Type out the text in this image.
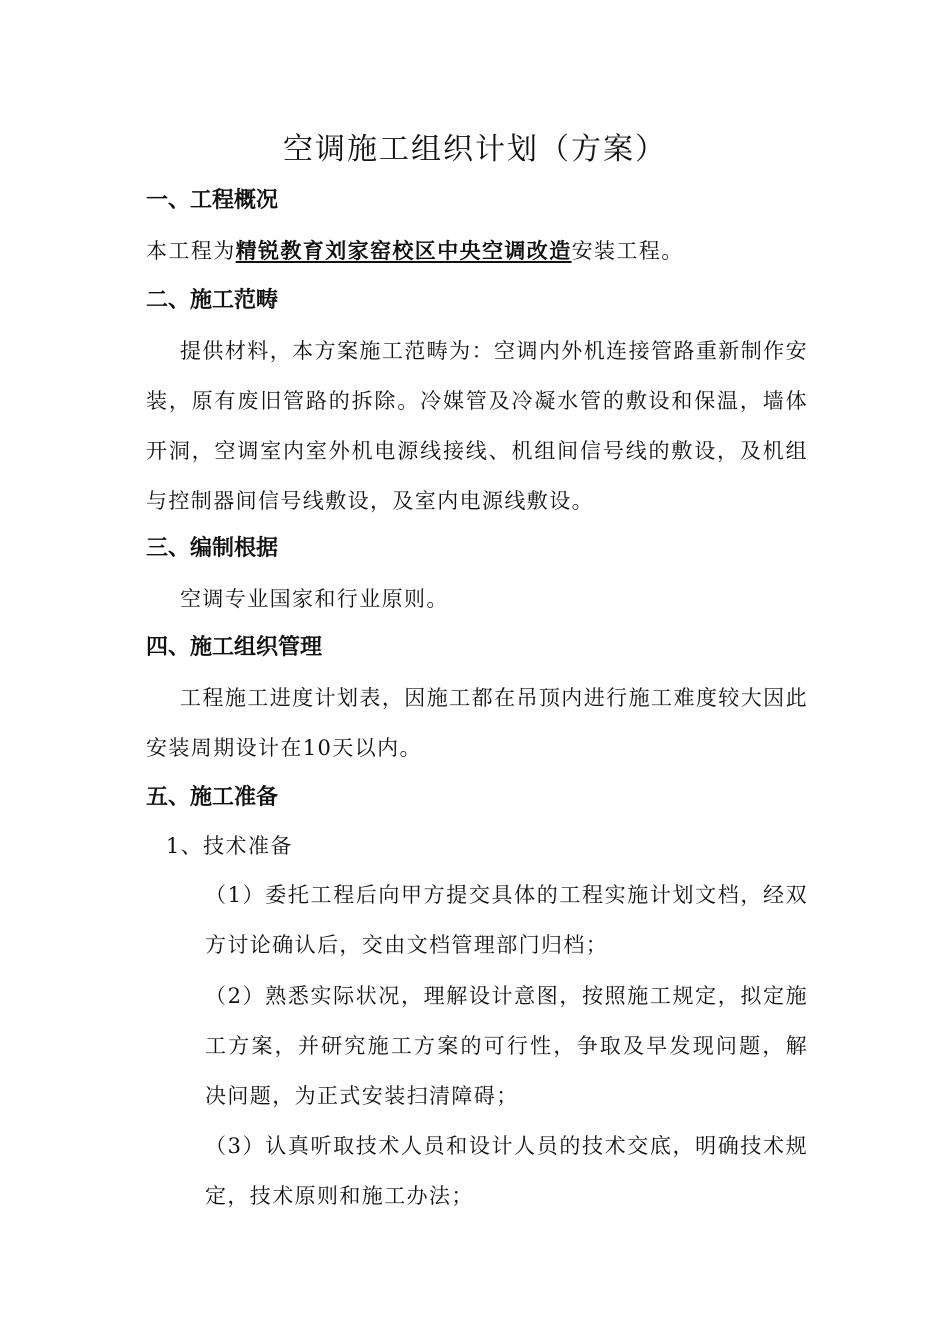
空调施工组织计划（方案）
一、工程概况

本工程为精锐教育刘家窑校区中央空调改造安装工程。

二、施工范畴

提供材料，本方案施工范畴为：空调内外机连接管路重新制作安装，原有废旧管路的拆除。冷媒管及冷凝水管的敷设和保温，墙体开洞，空调室内室外机电源线接线、机组间信号线的敷设，及机组与控制器间信号线敷设，及室内电源线敷设。

三、编制根据

空调专业国家和行业原则。

四、施工组织管理

工程施工进度计划表，因施工都在吊顶内进行施工难度较大因此安装周期设计在10天以内。

五、施工准备

1、技术准备

（1）委托工程后向甲方提交具体的工程实施计划文档，经双方讨论确认后，交由文档管理部门归档；

（2）熟悉实际状况，理解设计意图，按照施工规定，拟定施工方案，并研究施工方案的可行性，争取及早发现问题，解决问题，为正式安装扫清障碍；

（3）认真听取技术人员和设计人员的技术交底，明确技术规定，技术原则和施工办法；
